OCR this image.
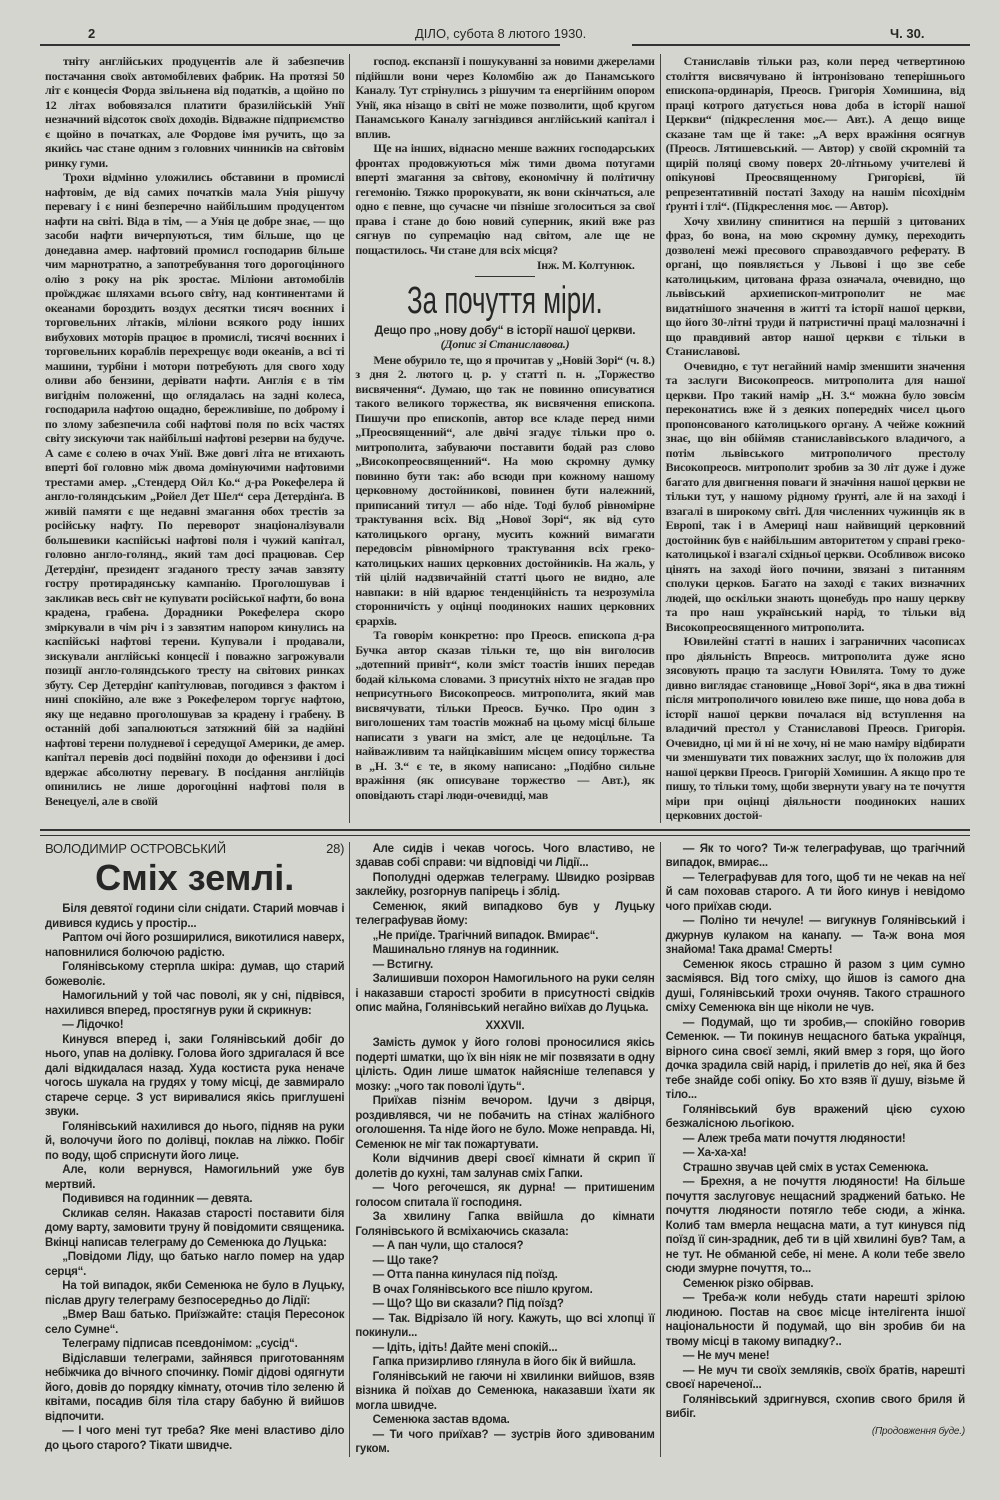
2	ДІЛО, субота 8 лютого 1930.	Ч. 30.

тніту англійських продуцентів але й забезпечив постачання своїх автомобілевих фабрик. На протязі 50 літ є концесія Форда звільнена від податків, а щойно по 12 літах вобовязался платити бразилійській Унії незначний відсоток своїх доходів. Відважне підприємство є щойно в початках, але Фордове імя ручить, що за якийсь час стане одним з головних чинників на світовім ринку гуми.

Трохи відмінно уложились обставини в промислі нафтовім, де від самих початків мала Унія рішучу перевагу і є нині безперечно найбільшим продуцентом нафти на світі. Віда в тім, — а Унія це добре знає, — що засоби нафти вичерпуються, тим більше, що це донедавна амер. нафтовий промисл господарив більше чим марнотратно, а запотребування того дорогоцінного олію з року на рік зростає. Міліони автомобілів проїжджає шляхами всього світу, над континентами й океанами бороздить воздух десятки тисяч воєнних і торговельних літаків, міліони всякого роду інших вибухових моторів працює в промислі, тисячі воєнних і торговельних кораблів перехрещує води океанів, а всі ті машини, турбіни і мотори потребують для свого ходу оливи або бензини, дерівати нафти. Англія є в тім вигіднім положенні, що оглядалась на задні колеса, господарила нафтою ощадно, бережливіше, по доброму і по злому забезпечила собі нафтові поля по всіх частях світу зискуючи так найбільші нафтові резерви на будуче. А саме є солею в очах Унії. Вже довгі літа не втихають вперті бої головно між двома домінуючими нафтовими трестами амер. „Стендерд Ойл Ко.“ д-ра Рокефелера й англо-голяндським „Ройел Дет Шел“ сера Детердінґа. В живій памяти є ще недавні змагання обох трестів за російську нафту. По переворот знаціоналізували большевики каспійські нафтові поля і чужий капітал, головно англо-голянд., який там досі працював. Сер Детердінґ, президент згаданого тресту зачав завзяту гостру протирадянську кампанію. Проголошував і закликав весь світ не купувати російської нафти, бо вона крадена, грабена. Дорадники Рокефелера скоро зміркували в чім річ і з завзятим напором кинулись на каспійські нафтові терени. Купували і продавали, зискували англійські концесії і поважно загрожували позиції англо-голяндського тресту на світових ринках збуту. Сер Детердінґ капітулював, погодився з фактом і нині спокійно, але вже з Рокефелером торгує нафтою, яку ще недавно проголошував за крадену і грабену. В останній добі запалюються затяжний бій за надійні нафтові терени полудневої і середущої Америки, де амер. капітал перевів досі подвійні походи до офензиви і досі вдержає абсолютну перевагу. В посідання англійців опинились не лише дорогоцінні нафтові поля в Венецуелі, але в своїй

господ. експанзії і пошукуванні за новими джерелами підійшли вони через Коломбію аж до Панамського Каналу. Тут стрінулись з рішучим та енергійним опором Унії, яка нізащо в світі не може позволити, щоб кругом Панамського Каналу загніздився англійський капітал і вплив.

Ще на інших, віднасно менше важних господарських фронтах продовжуються між тими двома потугами вперті змагання за світову, економічну й політичну гегемонію. Тяжко пророкувати, як вони скінчаться, але одно є певне, що сучасне чи пізніше зголоситься за свої права і стане до бою новий суперник, який вже раз сягнув по супремацію над світом, але ще не пощастилось. Чи стане для всіх місця?

Інж. М. Колтунюк.
За почуття міри.
Дещо про „нову добу“ в історії нашої церкви.
(Допис зі Станиславова.)

Мене обурило те, що я прочитав у „Новій Зорі“ (ч. 8.) з дня 2. лютого ц. р. у статті п. н. „Торжество висвячення“. Думаю, що так не повинно описуватися такого великого торжества, як висвячення епископа. Пишучи про епископів, автор все кладе перед ними „Преосвященний“, але двічі згадує тільки про о. митрополита, забуваючи поставити бодай раз слово „Високопреосвященний“. На мою скромну думку повинно бути так: або всюди при кожному нашому церковному достойникові, повинен бути належний, приписаний титул — або ніде. Тоді булоб рівномірне трактування всіх. Від „Нової Зорі“, як від суто католицького органу, мусить кожний вимагати передовсім рівномірного трактування всіх греко-католицьких наших церковних достойників. На жаль, у тій цілій надзвичайній статті цього не видно, але навпаки: в ній вдарює тенденційність та незрозуміла сторонничість у оцінці поодиноких наших церковних єрархів.

Та говорім конкретно: про Преосв. епископа д-ра Бучка автор сказав тільки те, що він виголосив „дотепний привіт“, коли зміст тоастів інших передав бодай кількома словами. З присутніх ніхто не згадав про неприсутнього Високопреосв. митрополита, який мав висвячувати, тільки Преосв. Бучко. Про один з виголошених там тоастів можнаб на цьому місці більше написати з уваги на зміст, але це недоцільне. Та найважливим та найцікавішим місцем опису торжества в „Н. З.“ є те, в якому написано: „Подібно сильне вражіння (як описуване торжество — Авт.), як оповідають старі люди-очевидці, мав

Станиславів тільки раз, коли перед четвертиною століття висвячувано й інтронізовано теперішнього епископа-ординарія, Преосв. Григорія Хомишина, від праці котрого датується нова доба в історії нашої Церкви“ (підкреслення моє.— Авт.). А дещо вище сказане там ще й таке: „А верх вражіння осягнув (Преосв. Лятишевський. — Автор) у своїй скромній та щирій поляці свому поверх 20-літньому учителеві й опікунові Преосвященному Григорієві, їй репрезентативній постаті Заходу на нашім пісохіднім ґрунті і тлі“. (Підкреслення моє. — Автор).

Хочу хвилину спинитися на першій з цитованих фраз, бо вона, на мою скромну думку, переходить дозволені межі пресового справоздавчого реферату. В органі, що появляється у Львові і що зве себе католицьким, цитована фраза означала, очевидно, що львівський архиепископ-митрополит не має видатнішого значення в житті та історії нашої церкви, що його 30-літні труди й патристичні праці малозначні і що правдивий автор нашої церкви є тільки в Станиславові.

Очевидно, є тут негайний намір зменшити значення та заслуги Високопреосв. митрополита для нашої церкви. Про такий намір „Н. З.“ можна було зовсім переконатись вже й з деяких попередніх чисел цього пропонсованого католицького органу. А чейже кожний знає, що він обіймяв станиславівського владичого, а потім львівського митрополичого престолу Високопреосв. митрополит зробив за 30 літ дуже і дуже багато для двигнення поваги й значіння нашої церкви не тільки тут, у нашому рідному ґрунті, але й на заході і взагалі в широкому світі. Для численних чужинців як в Европі, так і в Америці наш найвищий церковний достойник був є найбільшим авторитетом у справі греко-католицької і взагалі східньої церкви. Особливож високо цінять на заході його почини, звязані з питанням сполуки церков. Багато на заході є таких визначних людей, що оскільки знають щонебудь про нашу церкву та про наш український нарід, то тільки від Високопреосвященного митрополита.

Ювилейні статті в наших і заграничних часописах про діяльність Впреосв. митрополита дуже ясно зясовують працю та заслуги Ювилята. Тому то дуже дивно виглядає становище „Нової Зорі“, яка в два тижні після митрополичого ювилею вже пише, що нова доба в історії нашої церкви почалася від вступлення на владичий престол у Станиславові Преосв. Григорія. Очевидно, ці ми й ні не хочу, ні не маю наміру відбирати чи зменшувати тих поважних заслуг, що їх положив для нашої церкви Преосв. Григорій Хомишин. А якщо про те пишу, то тільки тому, щоби звернути увагу на те почуття міри при оцінці діяльности поодиноких наших церковних достой-

ВОЛОДИМИР ОСТРОВСЬКИЙ	28)
Сміх землі.

Біля девятої години сіли снідати. Старий мовчав і дивився кудись у простір...

Раптом очі його розширилися, викотилися наверх, наповнилися болючою радістю.

Голянівському стерпла шкіра: думав, що старий божеволіє.

Намогильний у той час поволі, як у сні, підвівся, нахилився вперед, простягнув руки й скрикнув:

— Лідочко!

Кинувся вперед і, заки Голянівський добіг до нього, упав на долівку. Голова його здригалася й все далі відкидалася назад. Худа костиста рука неначе чогось шукала на грудях у тому місці, де завмирало старече серце. З уст виривалися якісь приглушені звуки.

Голянівський нахилився до нього, підняв на руки й, волочучи його по долівці, поклав на ліжко. Побіг по воду, щоб сприснути його лице.

Але, коли вернувся, Намогильний уже був мертвий.

Подивився на годинник — девята.

Скликав селян. Наказав старості поставити біля дому варту, замовити труну й повідомити священика. Вкінці написав телеграму до Семенюка до Луцька:

„Повідоми Ліду, що батько нагло помер на удар серця“.

На той випадок, якби Семенюка не було в Луцьку, післав другу телеграму безпосередньо до Лідії:

„Вмер Ваш батько. Приїзжайте: стація Пересонок село Сумне“.

Телеграму підписав псевдонімом: „сусід“.

Відіславши телеграми, зайнявся приготованням небіжчика до вічного спочинку. Поміг дідові одягнути його, довів до порядку кімнату, оточив тіло зеленю й квітами, посадив біля тіла стару бабуню й вийшов відпочити.

— І чого мені тут треба? Яке мені властиво діло до цього старого? Тікати швидче.

Але сидів і чекав чогось. Чого властиво, не здавав собі справи: чи відповіді чи Лідії...

Пополудні одержав телеграму. Швидко розірвав заклейку, розгорнув папірець і зблід.

Семенюк, який випадково був у Луцьку телеграфував йому:

„Не приїде. Трагічний випадок. Вмирає“.

Машинально глянув на годинник.

— Встигну.

Залишивши похорон Намогильного на руки селян і наказавши старості зробити в присутності свідків опис майна, Голянівський негайно виїхав до Луцька.

XXXVII.

Замість думок у його голові проносилися якісь подерті шматки, що їх він ніяк не міг позвязати в одну цілість. Один лише шматок найясніше телепався у мозку: „чого так поволі їдуть“.

Приїхав пізнім вечором. Ідучи з двірця, роздивлявся, чи не побачить на стінах жалібного оголошення. Та ніде його не було. Може неправда. Ні, Семенюк не міг так пожартувати.

Коли відчинив двері своєї кімнати й скрип її долетів до кухні, там залунав сміх Гапки.

— Чого регочешся, як дурна! — притишеним голосом спитала її господиня.

За хвилину Гапка ввійшла до кімнати Голянівського й всміхаючись сказала:

— А пан чули, що сталося?

— Що таке?

— Отта панна кинулася під поїзд.

В очах Голянівського все пішло кругом.

— Що? Що ви сказали? Під поїзд?

— Так. Відрізало їй ногу. Кажуть, що всі хлопці її покинули...

— Ідіть, ідіть! Дайте мені спокій...

Гапка призирливо глянула в його бік й вийшла.

Голянівський не гаючи ні хвилинки вийшов, взяв візника й поїхав до Семенюка, наказавши їхати як могла швидче.

Семенюка застав вдома.

— Ти чого приїхав? — зустрів його здивованим гуком.

— Як то чого? Ти-ж телеграфував, що трагічний випадок, вмирає...

— Телеграфував для того, щоб ти не чекав на неї й сам поховав старого. А ти його кинув і невідомо чого приїхав сюди.

— Поліно ти нечуле! — вигукнув Голянівський і джурнув кулаком на канапу. — Та-ж вона моя знайома! Така драма! Смерть!

Семенюк якось страшно й разом з цим сумно засміявся. Від того сміху, що йшов із самого дна душі, Голянівський трохи очуняв. Такого страшного сміху Семенюка він ще ніколи не чув.

— Подумай, що ти зробив,— спокійно говорив Семенюк. — Ти покинув нещасного батька українця, вірного сина своєї землі, який вмер з горя, що його дочка зрадила свій нарід, і прилетів до неї, яка й без тебе знайде собі опіку. Бо хто взяв її душу, візьме й тіло...

Голянівський був вражений цією сухою безжалісною льогікою.

— Алеж треба мати почуття людяности!

— Ха-ха-ха!

Страшно звучав цей сміх в устах Семенюка.

— Брехня, а не почуття людяности! На більше почуття заслуговує нещасний зраджений батько. Не почуття людяности потягло тебе сюди, а жінка. Колиб там вмерла нещасна мати, а тут кинувся під поїзд її син-зрадник, деб ти в цій хвилині був? Там, а не тут. Не обманюй себе, ні мене. А коли тебе звело сюди змурне почуття, то...

Семенюк різко обірвав.

— Треба-ж коли небудь стати нарешті зрілою людиною. Постав на своє місце інтелігента іншої національности й подумай, що він зробив би на твому місці в такому випадку?..

— Не муч мене!

— Не муч ти своїх земляків, своїх братів, нарешті своєї нареченої...

Голянівський здригнувся, схопив свого бриля й вибіг.

(Продовження буде.)
